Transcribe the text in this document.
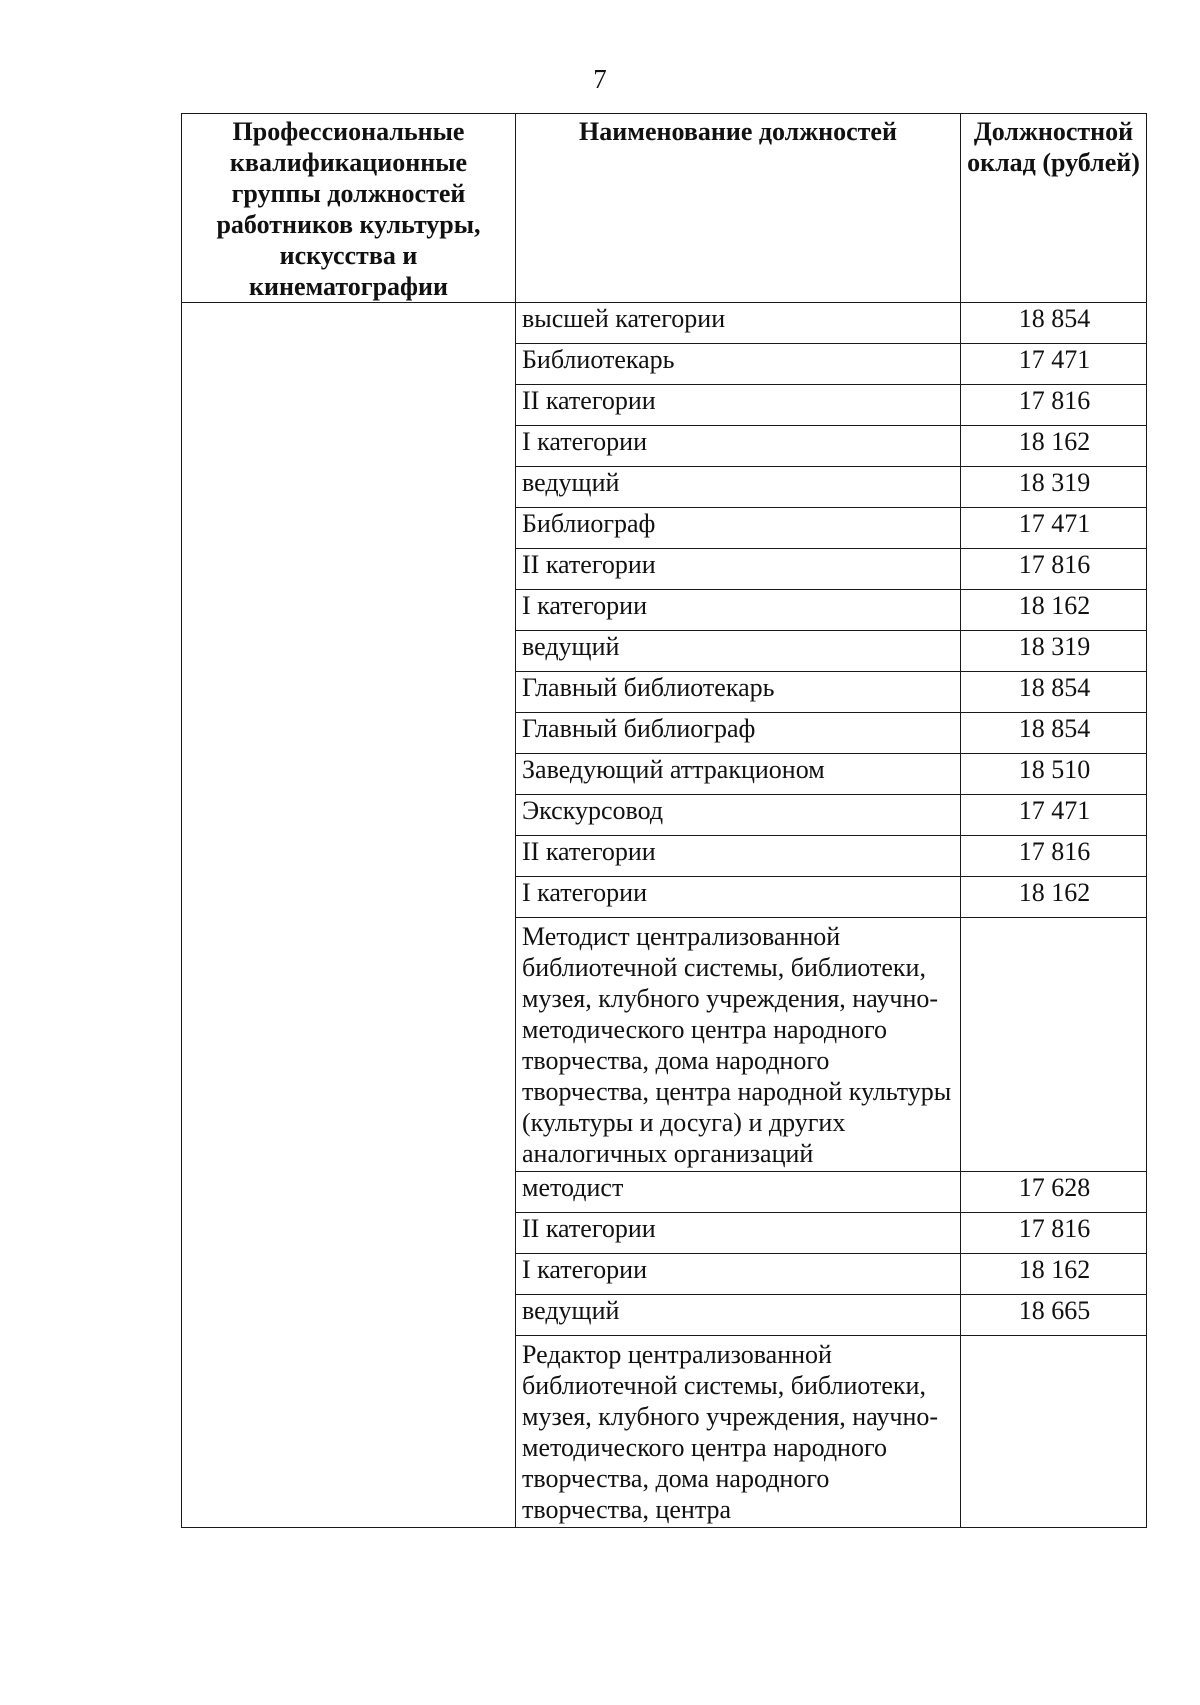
7
Профессиональные квалификационные группы должностей работников культуры, искусства и кинематографии	Наименование должностей	Должностной оклад (рублей)
	высшей категории	18 854
	Библиотекарь	17 471
	II категории	17 816
	I категории	18 162
	ведущий	18 319
	Библиограф	17 471
	II категории	17 816
	I категории	18 162
	ведущий	18 319
	Главный библиотекарь	18 854
	Главный библиограф	18 854
	Заведующий аттракционом	18 510
	Экскурсовод	17 471
	II категории	17 816
	I категории	18 162
	Методист централизованной библиотечной системы, библиотеки, музея, клубного учреждения, научно-методического центра народного творчества, дома народного творчества, центра народной культуры (культуры и досуга) и других аналогичных организаций	
	методист	17 628
	II категории	17 816
	I категории	18 162
	ведущий	18 665
	Редактор централизованной библиотечной системы, библиотеки, музея, клубного учреждения, научно-методического центра народного творчества, дома народного творчества, центра	
